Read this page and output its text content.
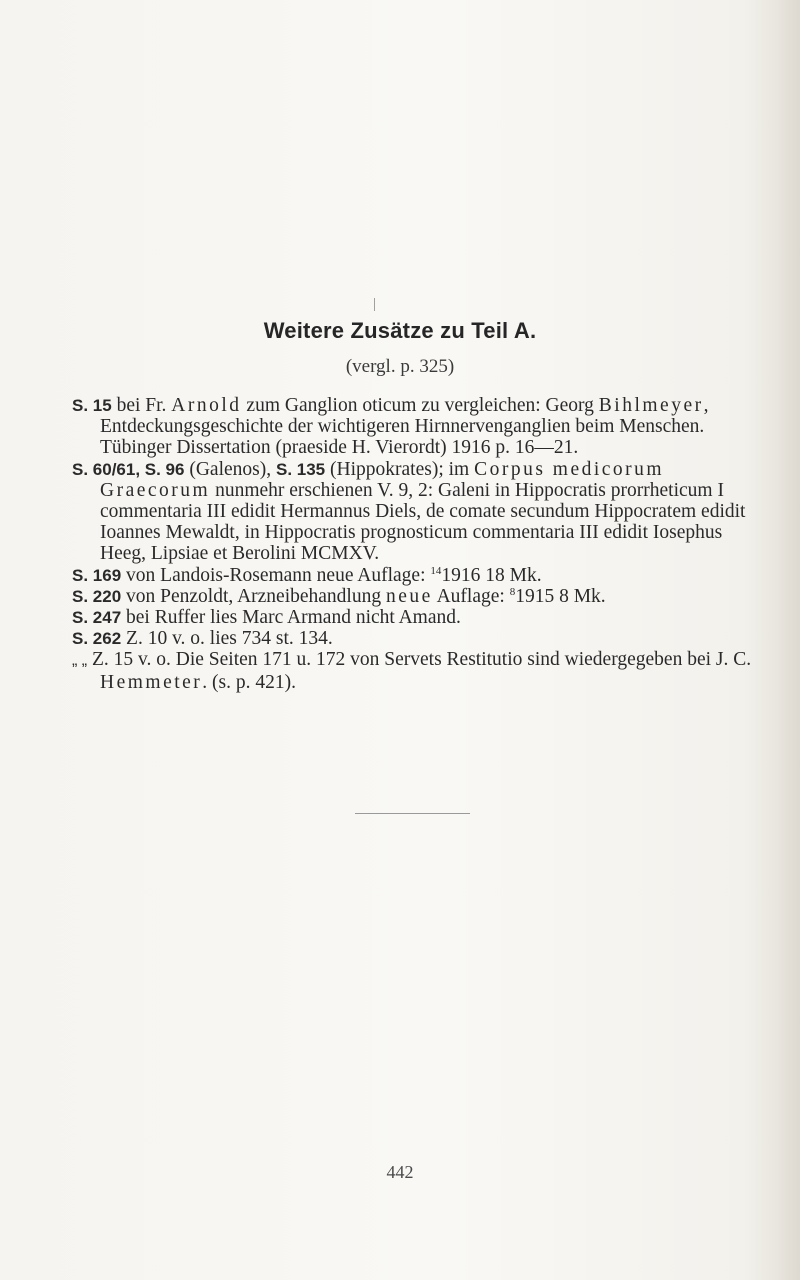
Weitere Zusätze zu Teil A.
(vergl. p. 325)

S. 15 bei Fr. Arnold zum Ganglion oticum zu vergleichen: Georg Bihlmeyer, Entdeckungsgeschichte der wichtigeren Hirnnervenganglien beim Menschen. Tübinger Dissertation (praeside H. Vierordt) 1916 p. 16—21.

S. 60/61, S. 96 (Galenos), S. 135 (Hippokrates); im Corpus medicorum Graecorum nunmehr erschienen V. 9, 2: Galeni in Hippocratis prorrheticum I commentaria III edidit Hermannus Diels, de comate secundum Hippocratem edidit Ioannes Mewaldt, in Hippocratis prognosticum commentaria III edidit Iosephus Heeg, Lipsiae et Berolini MCMXV.

S. 169 von Landois-Rosemann neue Auflage: $^{14}$1916 18 Mk.

S. 220 von Penzoldt, Arzneibehandlung neue Auflage: $^8$1915 8 Mk.

S. 247 bei Ruffer lies Marc Armand nicht Amand.

S. 262 Z. 10 v. o. lies 734 st. 134.

„ „ Z. 15 v. o. Die Seiten 171 u. 172 von Servets Restitutio sind wiedergegeben bei J. C. Hemmeter. (s. p. 421).

442
